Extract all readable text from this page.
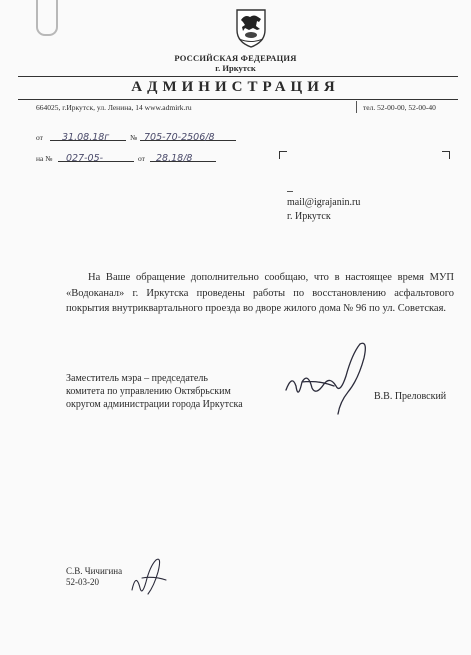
РОССИЙСКАЯ ФЕДЕРАЦИЯ
г. Иркутск
АДМИНИСТРАЦИЯ
664025, г.Иркутск, ул. Ленина, 14 www.admirk.ru	тел. 52-00-00, 52-00-40
от	31.08.18г	№ 705-70-2506/8
на №	027-05-	от	28.18/8
mail@igrajanin.ru
г. Иркутск

На Ваше обращение дополнительно сообщаю, что в настоящее время МУП «Водоканал» г. Иркутска проведены работы по восстановлению асфальтового покрытия внутриквартального проезда во дворе жилого дома № 96 по ул. Советская.

Заместитель мэра – председатель
комитета по управлению Октябрьским
округом администрации города Иркутска
В.В. Преловский
С.В. Чичигина
52-03-20
